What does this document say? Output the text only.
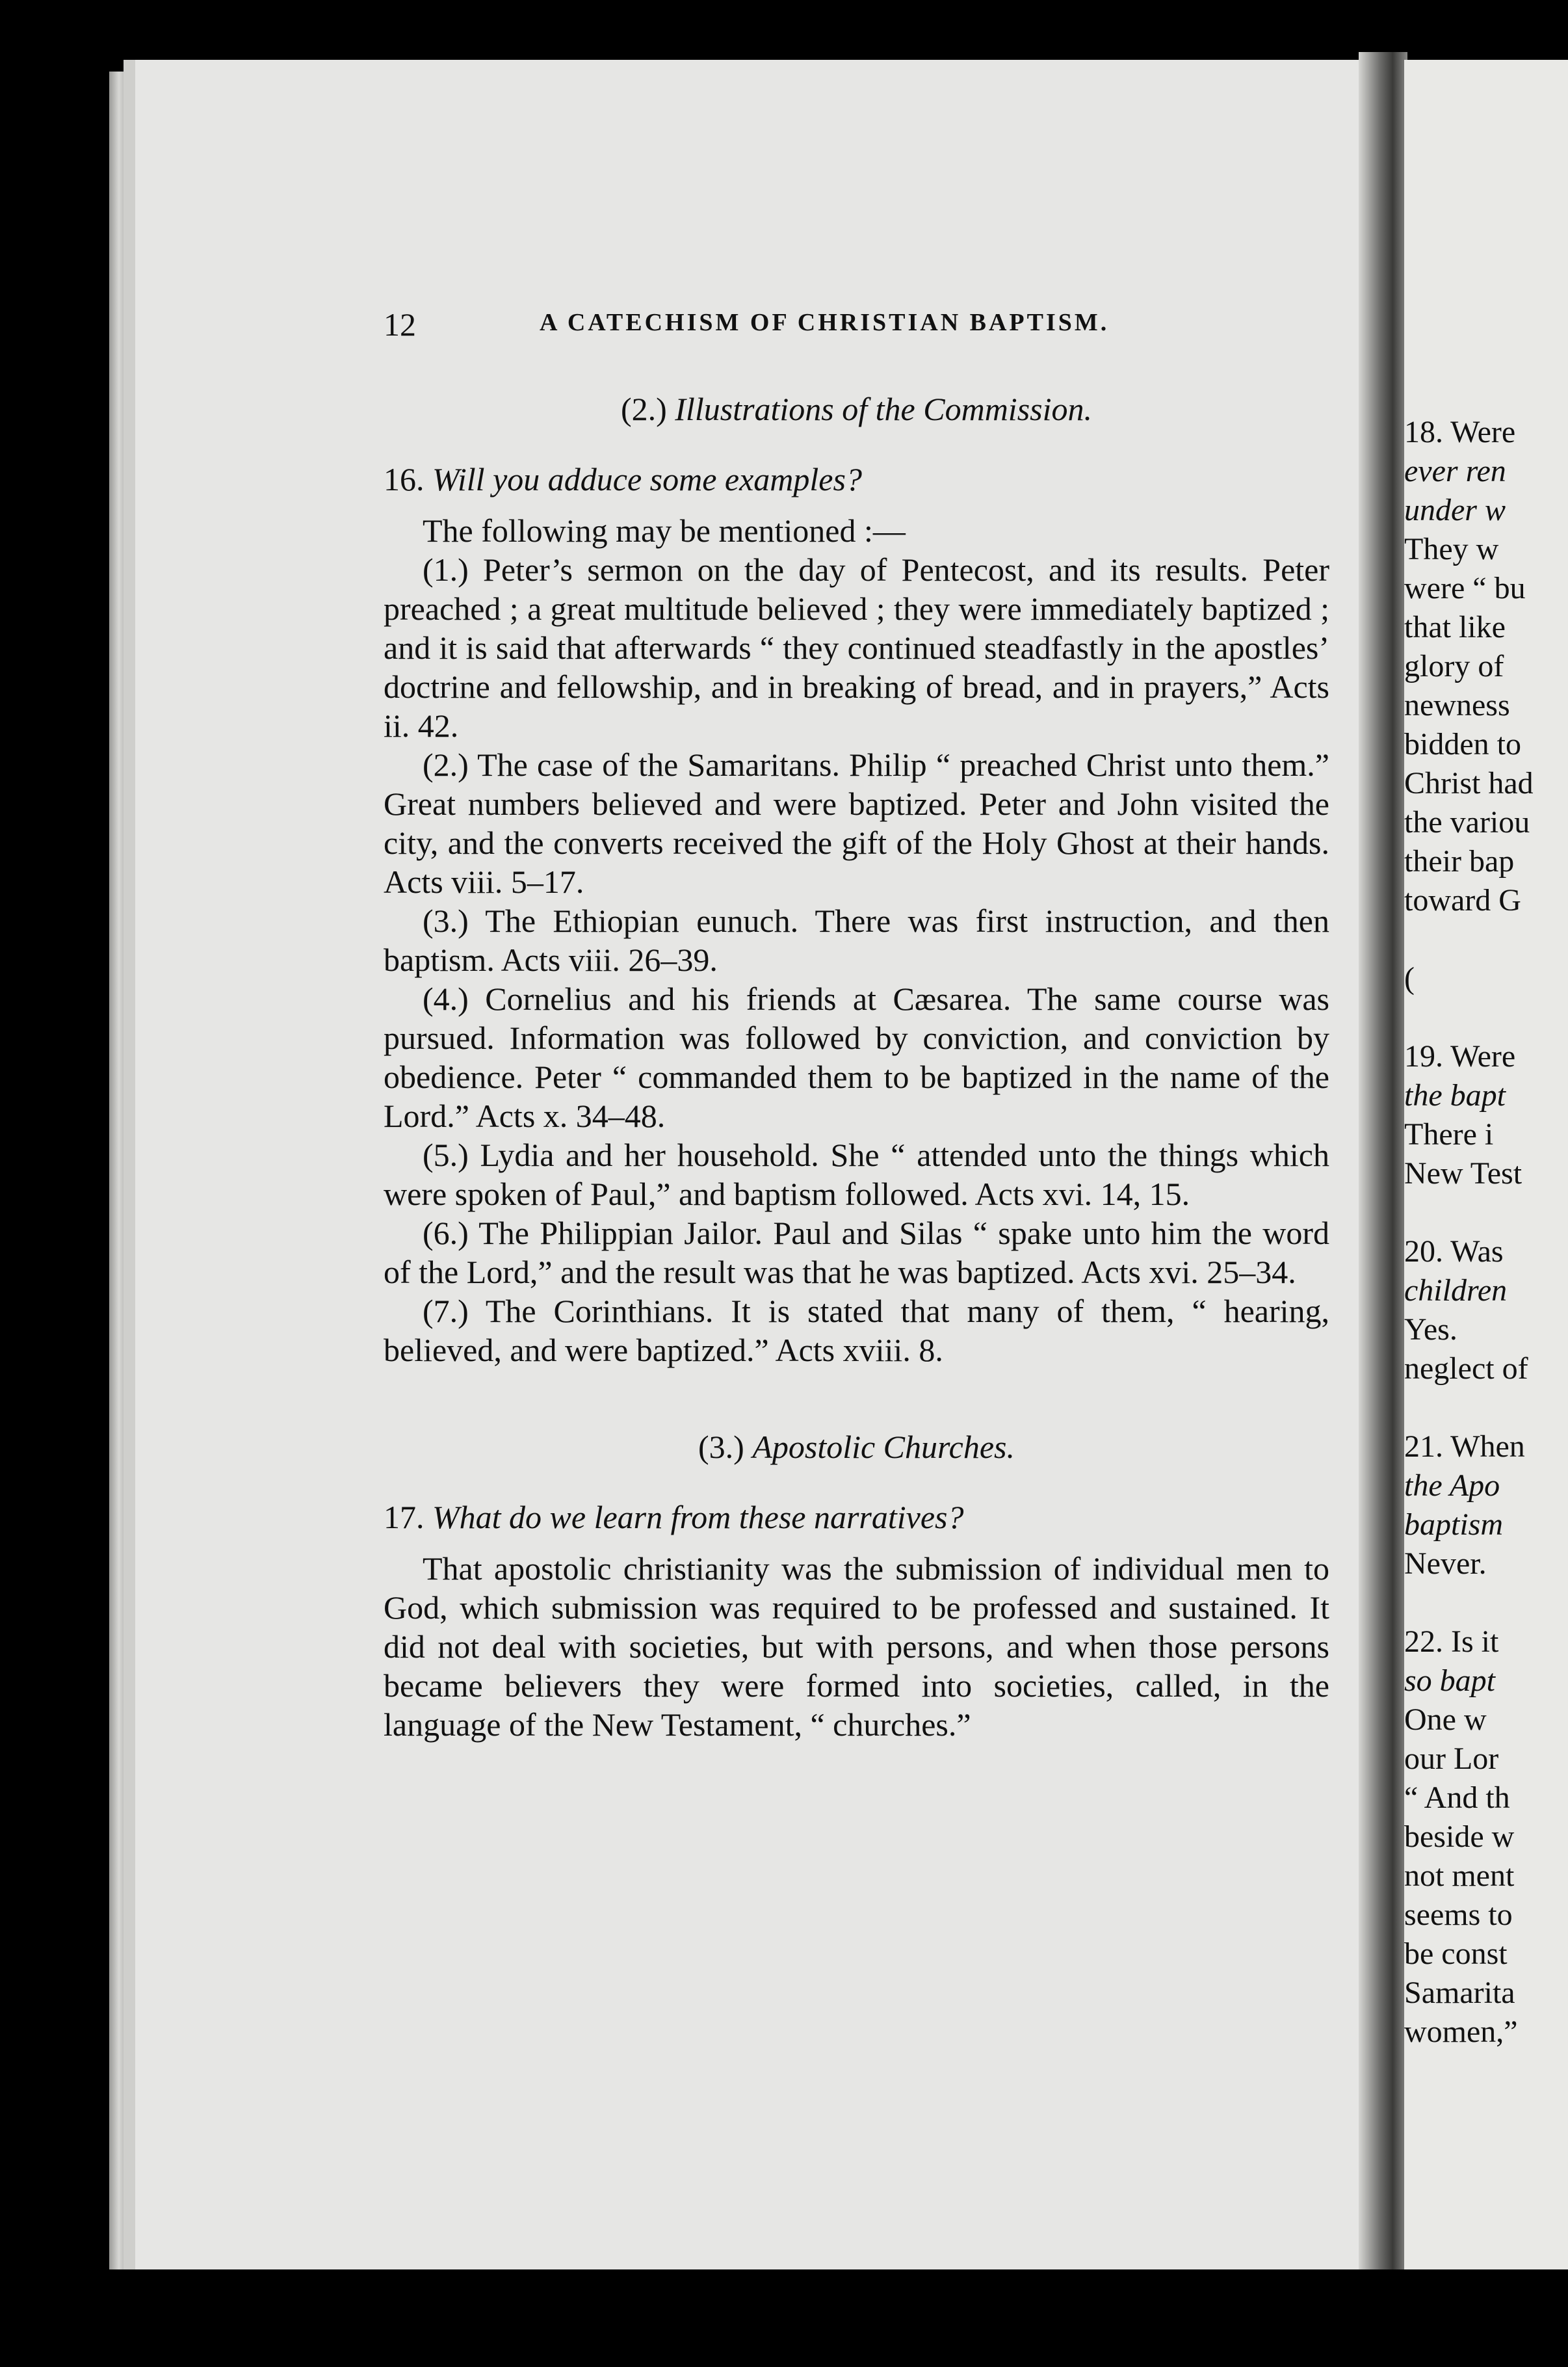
12	A CATECHISM OF CHRISTIAN BAPTISM.
(2.) Illustrations of the Commission.
16. Will you adduce some examples?

The following may be mentioned :—

(1.) Peter’s sermon on the day of Pentecost, and its results. Peter preached ; a great multitude believed ; they were immediately baptized ; and it is said that afterwards “ they continued steadfastly in the apostles’ doctrine and fellowship, and in breaking of bread, and in prayers,” Acts ii. 42.

(2.) The case of the Samaritans. Philip “ preached Christ unto them.” Great numbers believed and were baptized. Peter and John visited the city, and the converts received the gift of the Holy Ghost at their hands. Acts viii. 5–17.

(3.) The Ethiopian eunuch. There was first instruction, and then baptism. Acts viii. 26–39.

(4.) Cornelius and his friends at Cæsarea. The same course was pursued. Information was followed by conviction, and conviction by obedience. Peter “ commanded them to be baptized in the name of the Lord.” Acts x. 34–48.

(5.) Lydia and her household. She “ attended unto the things which were spoken of Paul,” and baptism followed. Acts xvi. 14, 15.

(6.) The Philippian Jailor. Paul and Silas “ spake unto him the word of the Lord,” and the result was that he was baptized. Acts xvi. 25–34.

(7.) The Corinthians. It is stated that many of them, “ hearing, believed, and were baptized.” Acts xviii. 8.

(3.) Apostolic Churches.
17. What do we learn from these narratives?

That apostolic christianity was the submission of individual men to God, which submission was required to be professed and sustained. It did not deal with societies, but with persons, and when those persons became believers they were formed into societies, called, in the language of the New Testament, “ churches.”

18. Were
ever ren
under w
They w
were “ bu
that like
glory of
newness
bidden to
Christ had
the variou
their bap
toward G
(
19. Were
the bapt
There i
New Test
20. Was
children
Yes.
neglect of
21. When
the Apo
baptism
Never.
22. Is it
so bapt
One w
our Lor
“ And th
beside w
not ment
seems to
be const
Samarita
women,”
